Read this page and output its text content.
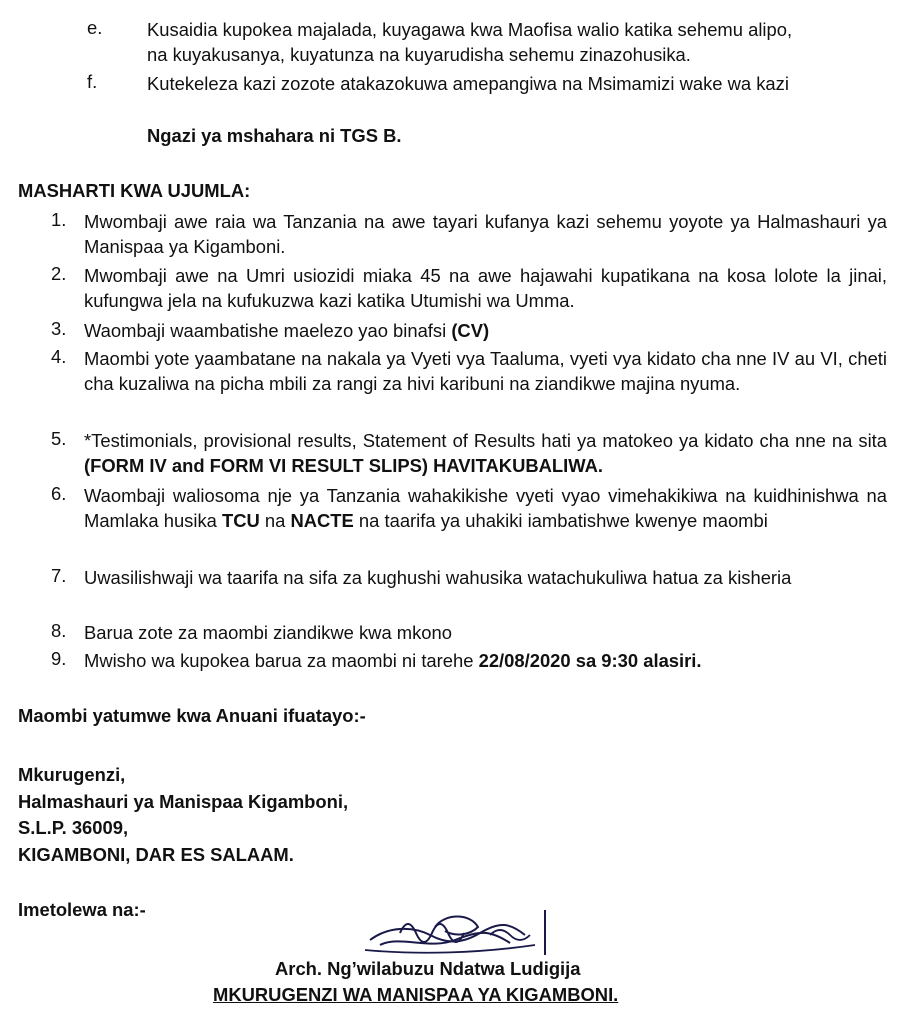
e. Kusaidia kupokea majalada, kuyagawa kwa Maofisa walio katika sehemu alipo,
na kuyakusanya, kuyatunza na kuyarudisha sehemu zinazohusika.
f.	Kutekeleza kazi zozote atakazokuwa amepangiwa na Msimamizi wake wa kazi
Ngazi ya mshahara ni TGS B.
MASHARTI KWA UJUMLA:
1. Mwombaji awe raia wa Tanzania na awe tayari kufanya kazi sehemu yoyote ya Halmashauri ya Manispaa ya Kigamboni.
2. Mwombaji awe na Umri usiozidi miaka 45 na awe hajawahi kupatikana na kosa lolote la jinai, kufungwa jela na kufukuzwa kazi katika Utumishi wa Umma.
3. Waombaji waambatishe maelezo yao binafsi (CV)
4. Maombi yote yaambatane na nakala ya Vyeti vya Taaluma, vyeti vya kidato cha nne IV au VI, cheti cha kuzaliwa na picha mbili za rangi za hivi karibuni na ziandikwe majina nyuma.
5. *Testimonials, provisional results, Statement of Results hati ya matokeo ya kidato cha nne na sita (FORM IV and FORM VI RESULT SLIPS) HAVITAKUBALIWA.
6. Waombaji waliosoma nje ya Tanzania wahakikishe vyeti vyao vimehakikiwa na kuidhinishwa na Mamlaka husika TCU na NACTE na taarifa ya uhakiki iambatishwe kwenye maombi
7. Uwasilishwaji wa taarifa na sifa za kughushi wahusika watachukuliwa hatua za kisheria
8. Barua zote za maombi ziandikwe kwa mkono
9. Mwisho wa kupokea barua za maombi ni tarehe 22/08/2020 sa 9:30 alasiri.
Maombi yatumwe kwa Anuani ifuatayo:-
Mkurugenzi,
Halmashauri ya Manispaa Kigamboni,
S.L.P. 36009,
KIGAMBONI, DAR ES SALAAM.
Imetolewa na:-
Arch. Ng’wilabuzu Ndatwa Ludigija
MKURUGENZI WA MANISPAA YA KIGAMBONI.
